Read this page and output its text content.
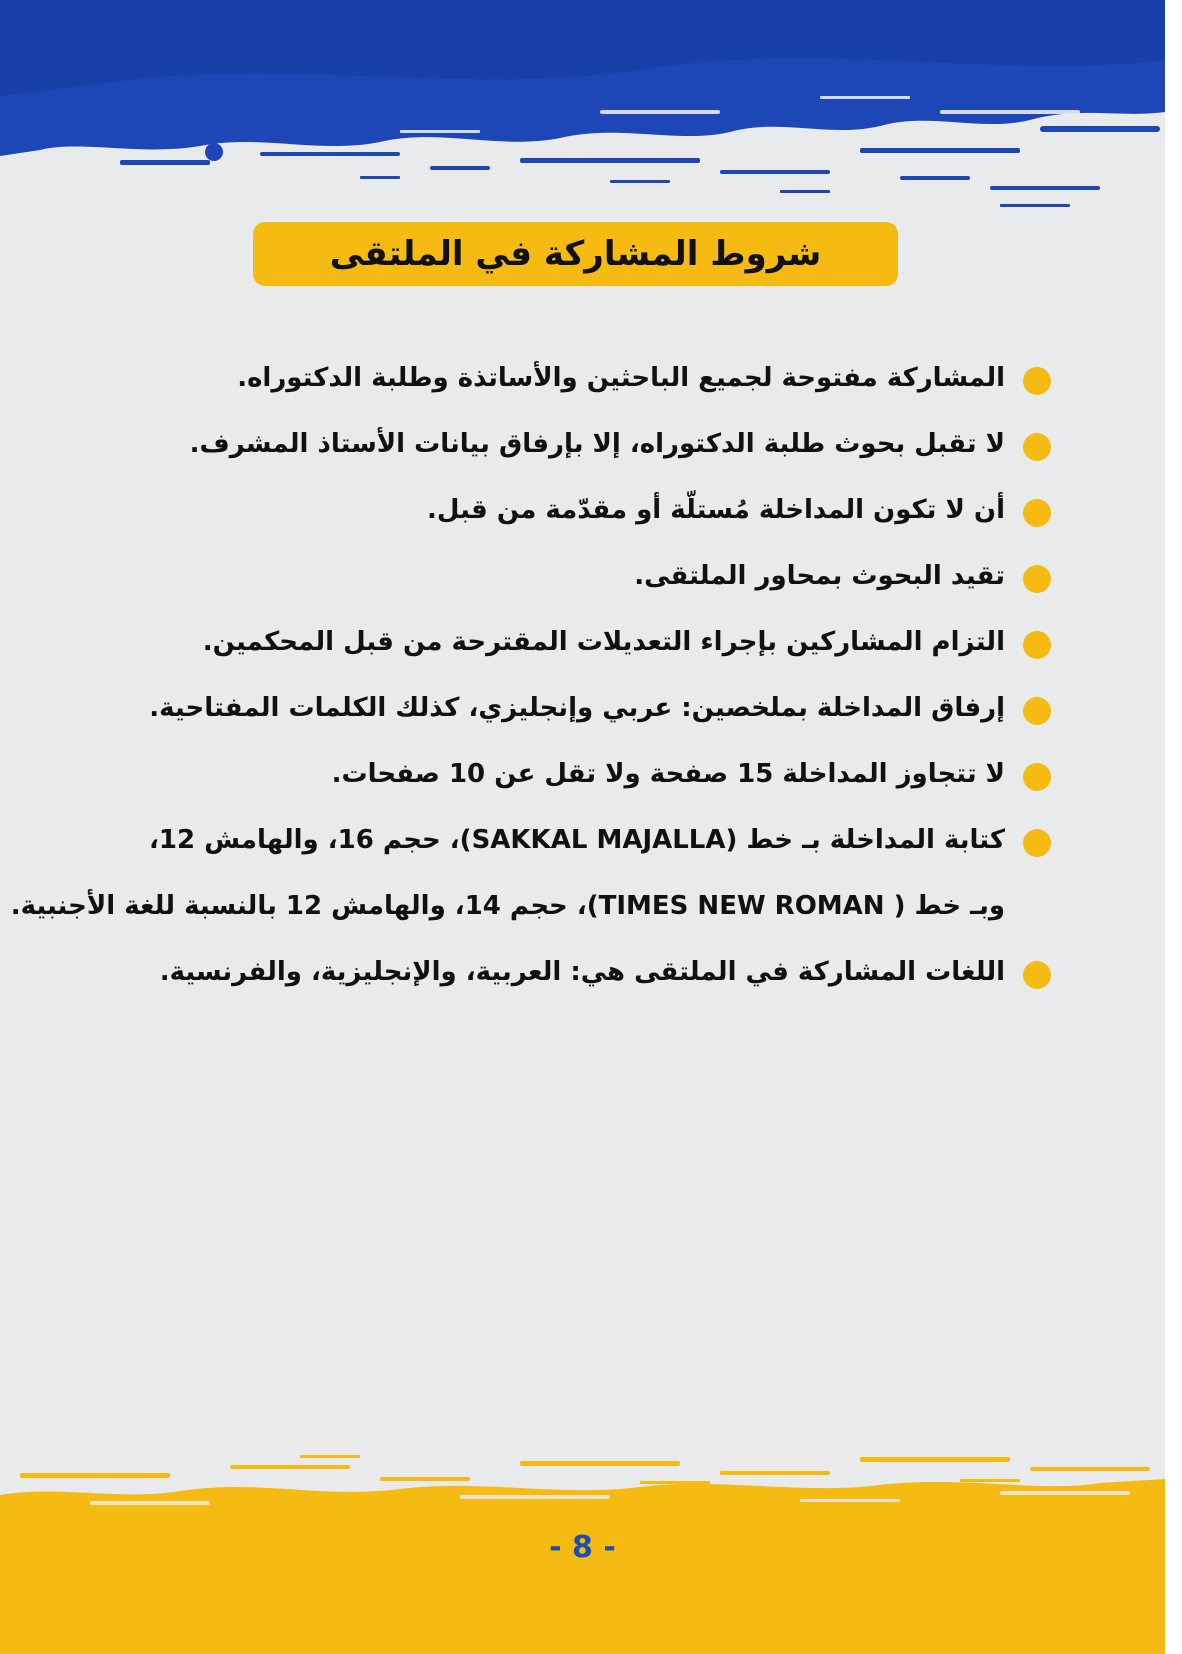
شروط المشاركة في الملتقى
المشاركة مفتوحة لجميع الباحثين والأساتذة وطلبة الدكتوراه.
لا تقبل بحوث طلبة الدكتوراه، إلا بإرفاق بيانات الأستاذ المشرف.
أن لا تكون المداخلة مُستلّة أو مقدّمة من قبل.
تقيد البحوث بمحاور الملتقى.
التزام المشاركين بإجراء التعديلات المقترحة من قبل المحكمين.
إرفاق المداخلة بملخصين: عربي وإنجليزي، كذلك الكلمات المفتاحية.
لا تتجاوز المداخلة 15 صفحة ولا تقل عن 10 صفحات.
كتابة المداخلة بـ خط (SAKKAL MAJALLA)، حجم 16، والهامش 12،
وبـ خط ( TIMES NEW ROMAN)، حجم 14، والهامش 12 بالنسبة للغة الأجنبية.
اللغات المشاركة في الملتقى هي: العربية، والإنجليزية، والفرنسية.
- 8 -
